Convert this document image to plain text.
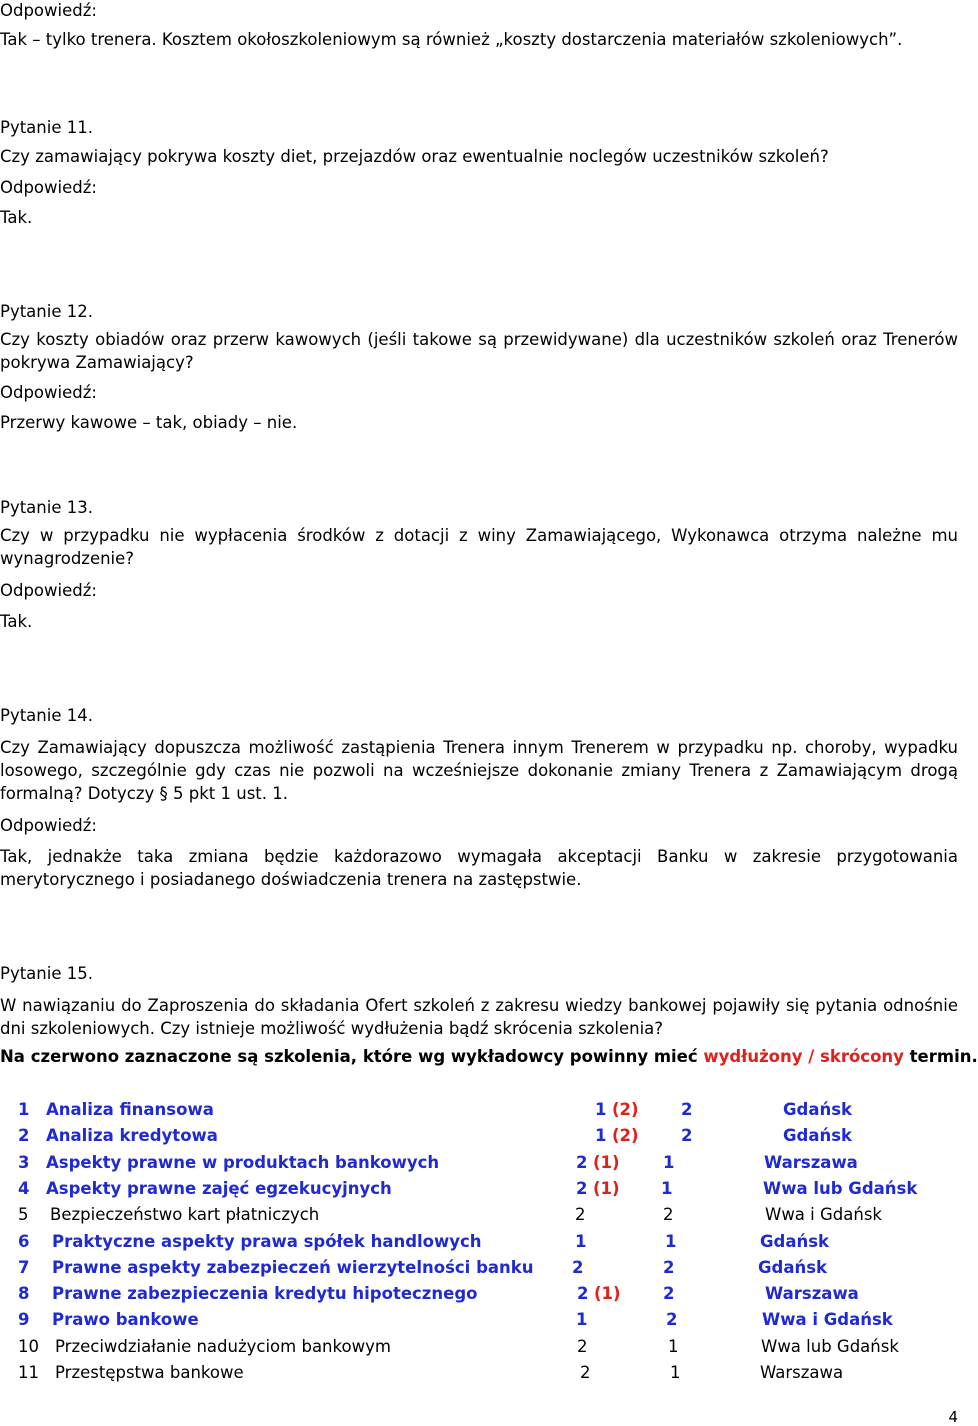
Odpowiedź:
Tak – tylko trenera. Kosztem okołoszkoleniowym są również „koszty dostarczenia materiałów szkoleniowych”.
Pytanie 11.
Czy zamawiający pokrywa koszty diet, przejazdów oraz ewentualnie noclegów uczestników szkoleń?
Odpowiedź:
Tak.
Pytanie 12.
Czy koszty obiadów oraz przerw kawowych (jeśli takowe są przewidywane) dla uczestników szkoleń oraz Trenerów pokrywa Zamawiający?
Odpowiedź:
Przerwy kawowe – tak, obiady – nie.
Pytanie 13.
Czy w przypadku nie wypłacenia środków z dotacji z winy Zamawiającego, Wykonawca otrzyma należne mu wynagrodzenie?
Odpowiedź:
Tak.
Pytanie 14.
Czy Zamawiający dopuszcza możliwość zastąpienia Trenera innym Trenerem w przypadku np. choroby, wypadku losowego, szczególnie gdy czas nie pozwoli na wcześniejsze dokonanie zmiany Trenera z Zamawiającym drogą formalną? Dotyczy § 5 pkt 1 ust. 1.
Odpowiedź:
Tak, jednakże taka zmiana będzie każdorazowo wymagała akceptacji Banku w zakresie przygotowania merytorycznego i posiadanego doświadczenia trenera na zastępstwie.
Pytanie 15.
W nawiązaniu do Zaproszenia do składania Ofert szkoleń z zakresu wiedzy bankowej pojawiły się pytania odnośnie dni szkoleniowych. Czy istnieje możliwość wydłużenia bądź skrócenia szkolenia?
Na czerwono zaznaczone są szkolenia, które wg wykładowcy powinny mieć wydłużony / skrócony termin.
1 Analiza finansowa	1 (2)	2	Gdańsk
2 Analiza kredytowa	1 (2)	2	Gdańsk
3 Aspekty prawne w produktach bankowych	2 (1)	1	Warszawa
4 Aspekty prawne zajęć egzekucyjnych	2 (1)	1	Wwa lub Gdańsk
5 Bezpieczeństwo kart płatniczych	2	2	Wwa i Gdańsk
6 Praktyczne aspekty prawa spółek handlowych	1	1	Gdańsk
7 Prawne aspekty zabezpieczeń wierzytelności banku 2	2	Gdańsk
8 Prawne zabezpieczenia kredytu hipotecznego	2 (1)	2	Warszawa
9 Prawo bankowe	1	2	Wwa i Gdańsk
10 Przeciwdziałanie nadużyciom bankowym	2	1	Wwa lub Gdańsk
11 Przestępstwa bankowe	2	1	Warszawa
4
